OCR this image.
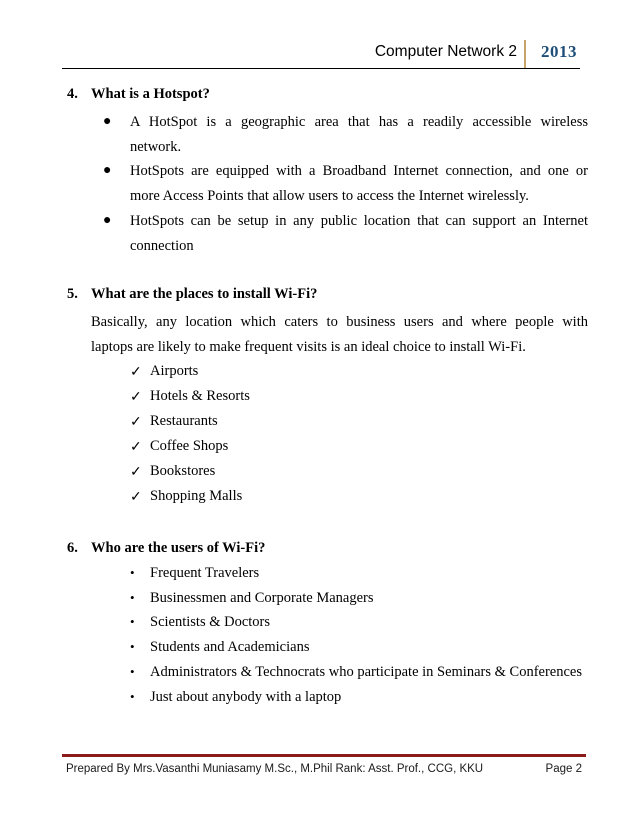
Computer Network 2 2013
4. What is a Hotspot?
● A HotSpot is a geographic area that has a readily accessible wireless
network.
● HotSpots are equipped with a Broadband Internet connection, and one or
more Access Points that allow users to access the Internet wirelessly.
● HotSpots can be setup in any public location that can support an Internet
connection
5. What are the places to install Wi-Fi?
Basically, any location which caters to business users and where people with
laptops are likely to make frequent visits is an ideal choice to install Wi-Fi.
✓ Airports
✓ Hotels & Resorts
✓ Restaurants
✓ Coffee Shops
✓ Bookstores
✓ Shopping Malls
6. Who are the users of Wi-Fi?
• Frequent Travelers
• Businessmen and Corporate Managers
• Scientists & Doctors
• Students and Academicians
• Administrators & Technocrats who participate in Seminars & Conferences
• Just about anybody with a laptop
Prepared By Mrs.Vasanthi Muniasamy M.Sc., M.Phil Rank: Asst. Prof., CCG, KKU	Page 2
